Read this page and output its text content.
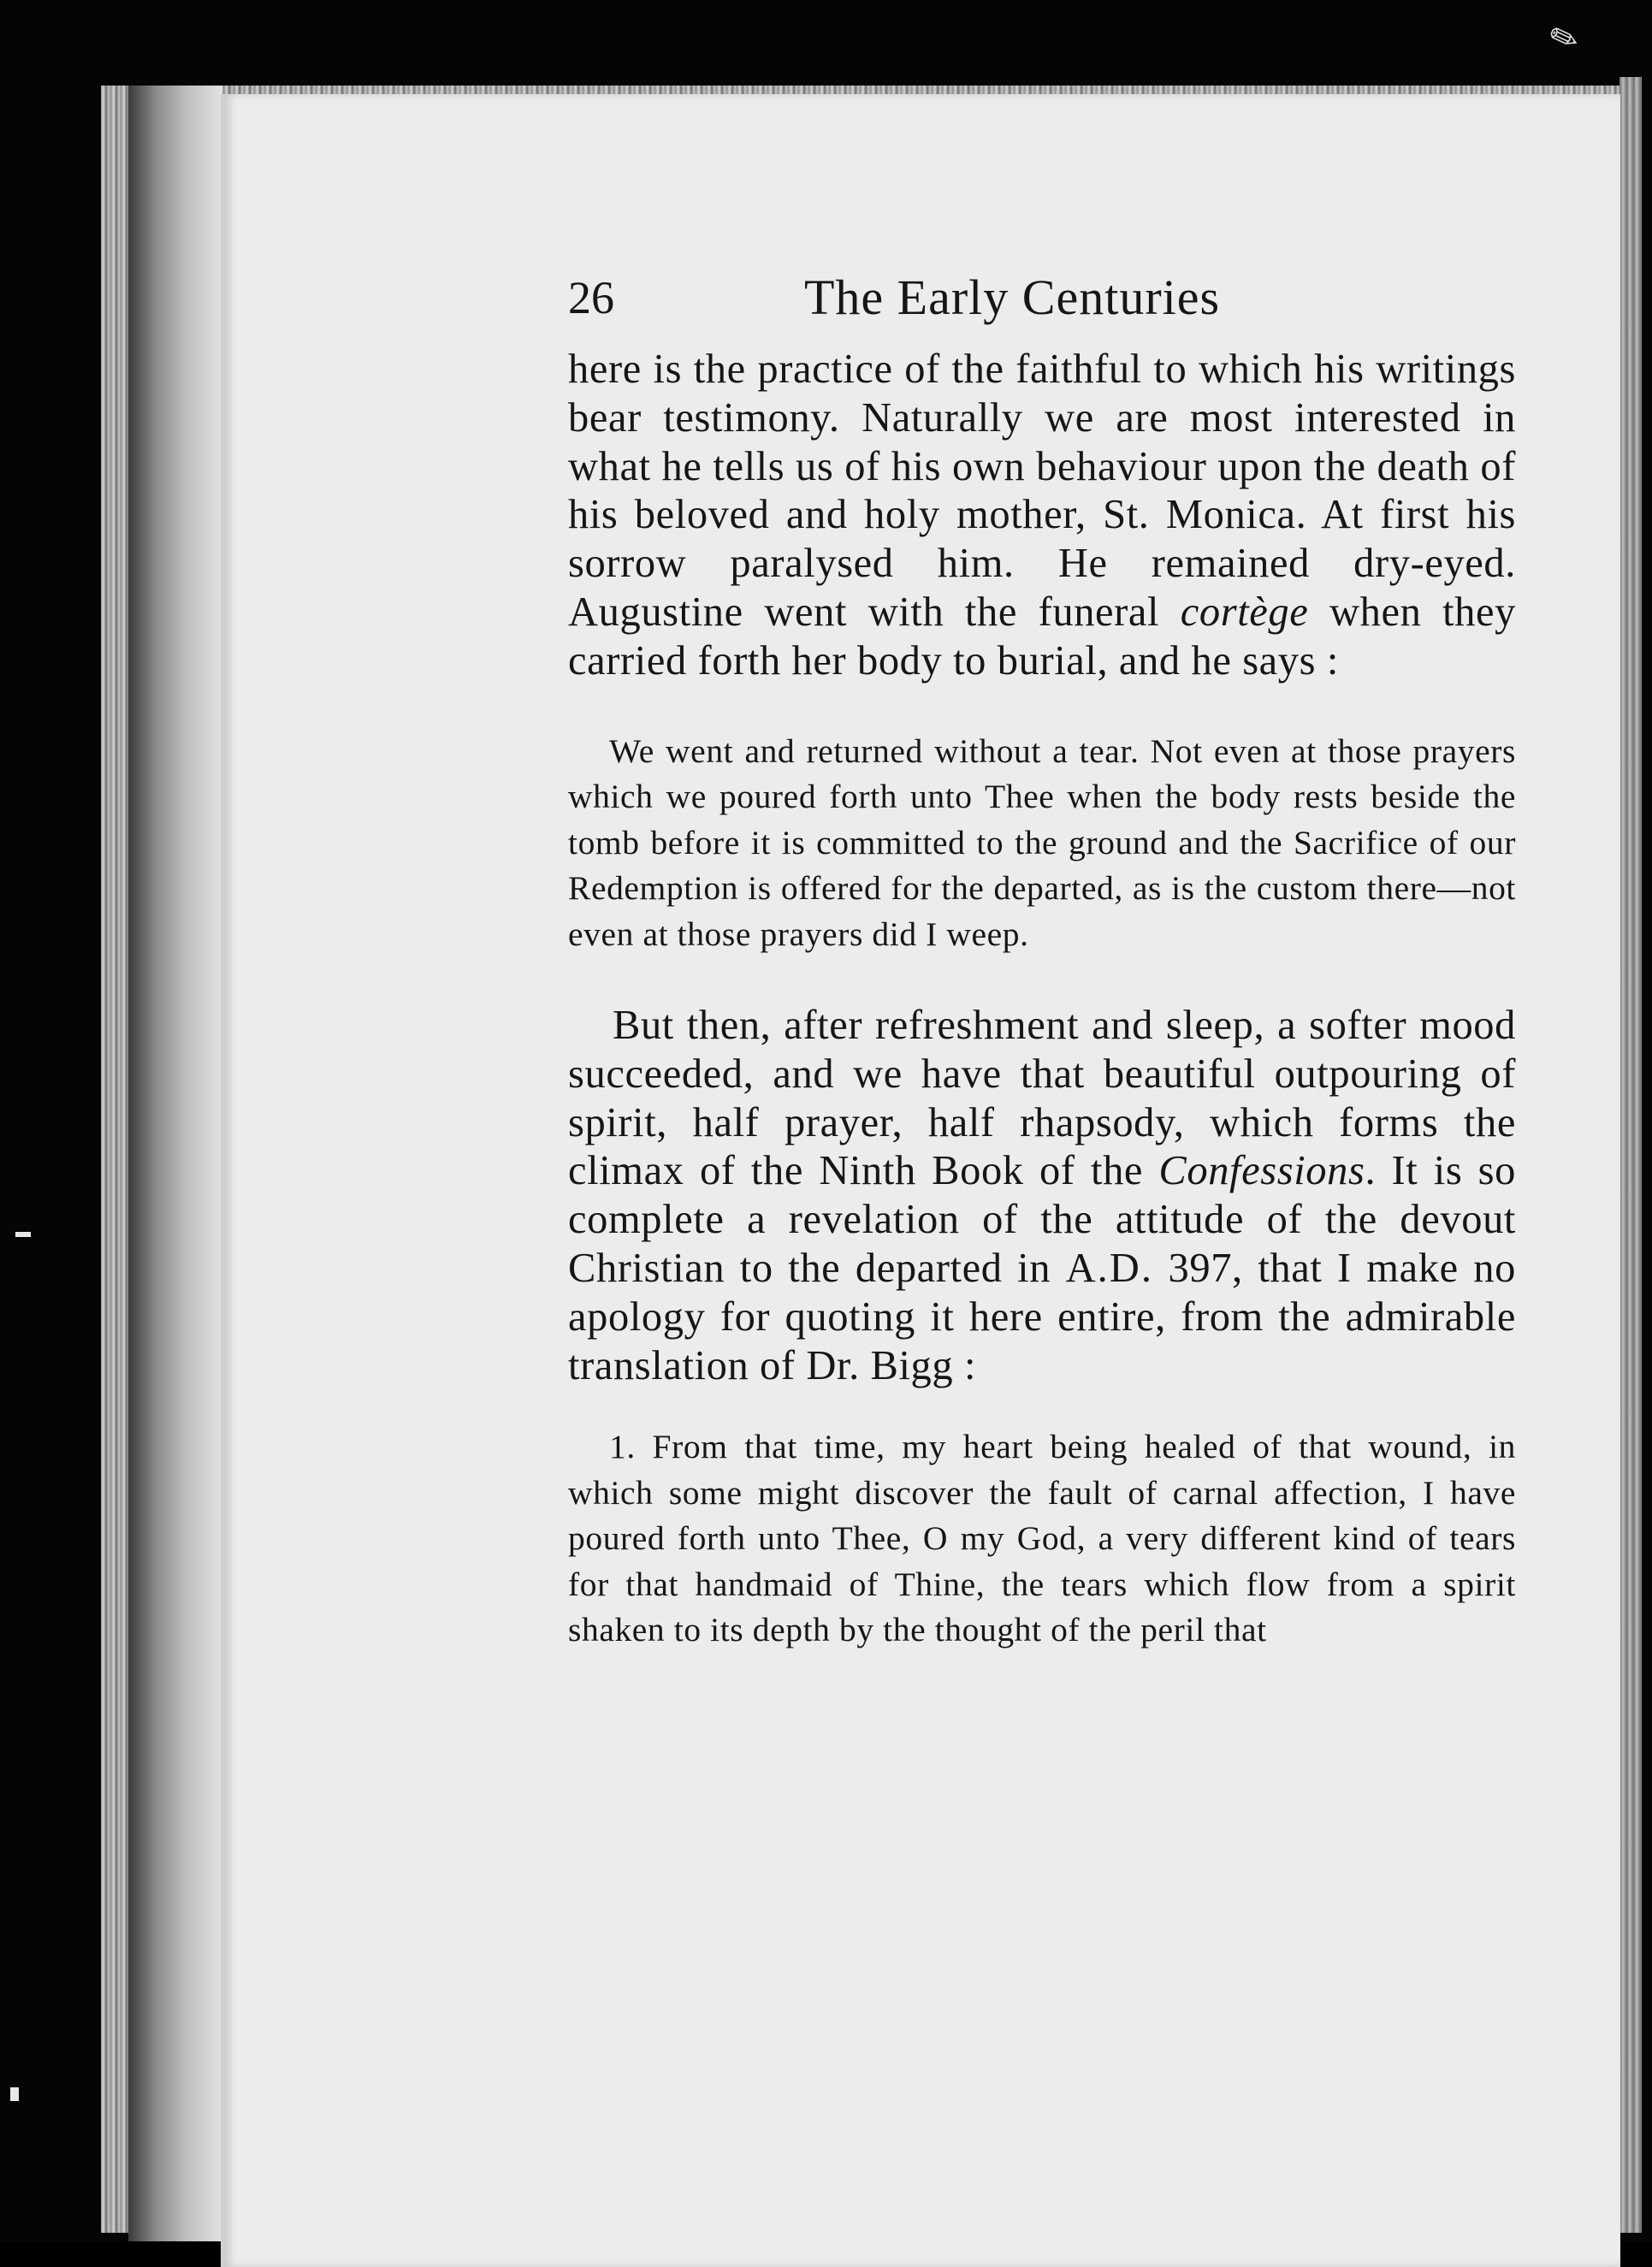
✎
26	The Early Centuries

here is the practice of the faithful to which his writings bear testimony. Naturally we are most interested in what he tells us of his own behaviour upon the death of his beloved and holy mother, St. Monica. At first his sorrow paralysed him. He remained dry-eyed. Augustine went with the funeral cortège when they carried forth her body to burial, and he says :

We went and returned without a tear. Not even at those prayers which we poured forth unto Thee when the body rests beside the tomb before it is committed to the ground and the Sacrifice of our Redemption is offered for the departed, as is the custom there—not even at those prayers did I weep.

But then, after refreshment and sleep, a softer mood succeeded, and we have that beautiful outpouring of spirit, half prayer, half rhapsody, which forms the climax of the Ninth Book of the Confessions. It is so complete a revelation of the attitude of the devout Christian to the departed in A.D. 397, that I make no apology for quoting it here entire, from the admirable translation of Dr. Bigg :

1. From that time, my heart being healed of that wound, in which some might discover the fault of carnal affection, I have poured forth unto Thee, O my God, a very different kind of tears for that handmaid of Thine, the tears which flow from a spirit shaken to its depth by the thought of the peril that
